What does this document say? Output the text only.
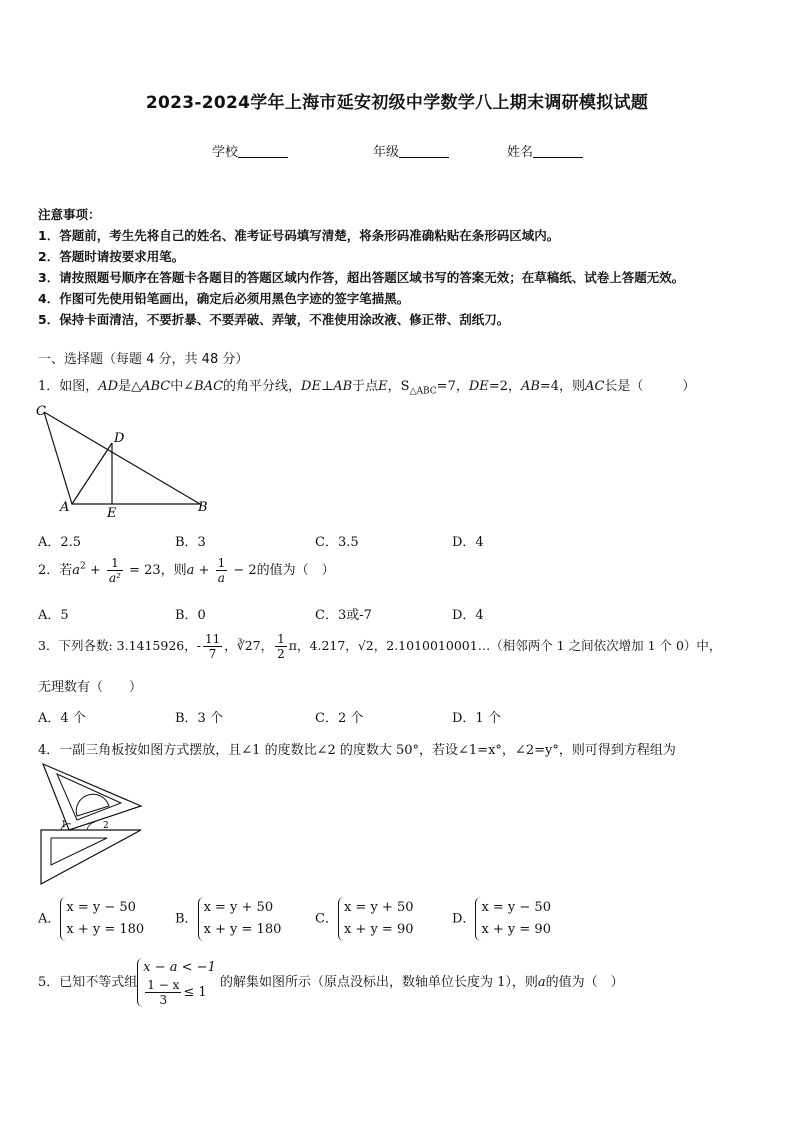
2023-2024学年上海市延安初级中学数学八上期末调研模拟试题
学校	年级	姓名
注意事项：
1．答题前，考生先将自己的姓名、准考证号码填写清楚，将条形码准确粘贴在条形码区域内。
2．答题时请按要求用笔。
3．请按照题号顺序在答题卡各题目的答题区域内作答，超出答题区域书写的答案无效；在草稿纸、试卷上答题无效。
4．作图可先使用铅笔画出，确定后必须用黑色字迹的签字笔描黑。
5．保持卡面清洁，不要折暴、不要弄破、弄皱，不准使用涂改液、修正带、刮纸刀。
一、选择题（每题 4 分，共 48 分）
1．如图，AD是△ABC中∠BAC的角平分线，DE⊥AB于点E，$S_{\triangle ABC}=7$，DE=2，AB=4，则AC长是（　　　）
C
D
A	E	B
A．2.5	B．3	C．3.5	D．4
2．若$a^2 + \frac{1}{\text{a²}} = 23$，则$a + \frac{1}{a} - 2$的值为（　）
A．5	B．0	C．3或-7	D．4
3．下列各数: 3.1415926，- $\frac{11}{7}$ ，∛27， $\frac{1}{2}$ π，4.217，√2，2.1010010001…（相邻两个 1 之间依次增加 1 个 0）中，
无理数有（　　）
A．4 个	B．3 个	C．2 个	D．1 个
4．一副三角板按如图方式摆放，且∠1 的度数比∠2 的度数大 50°，若设∠1=x°，∠2=y°，则可得到方程组为
1	2
A．x = y − 50
x + y = 180
B．x = y + 50
x + y = 180
C．x = y + 50
x + y = 90
D．x = y − 50
x + y = 90
5．已知不等式组x − a < −1

$\frac{1 - x}{3} \le 1$ 的解集如图所示（原点没标出，数轴单位长度为 1），则a的值为（　）
